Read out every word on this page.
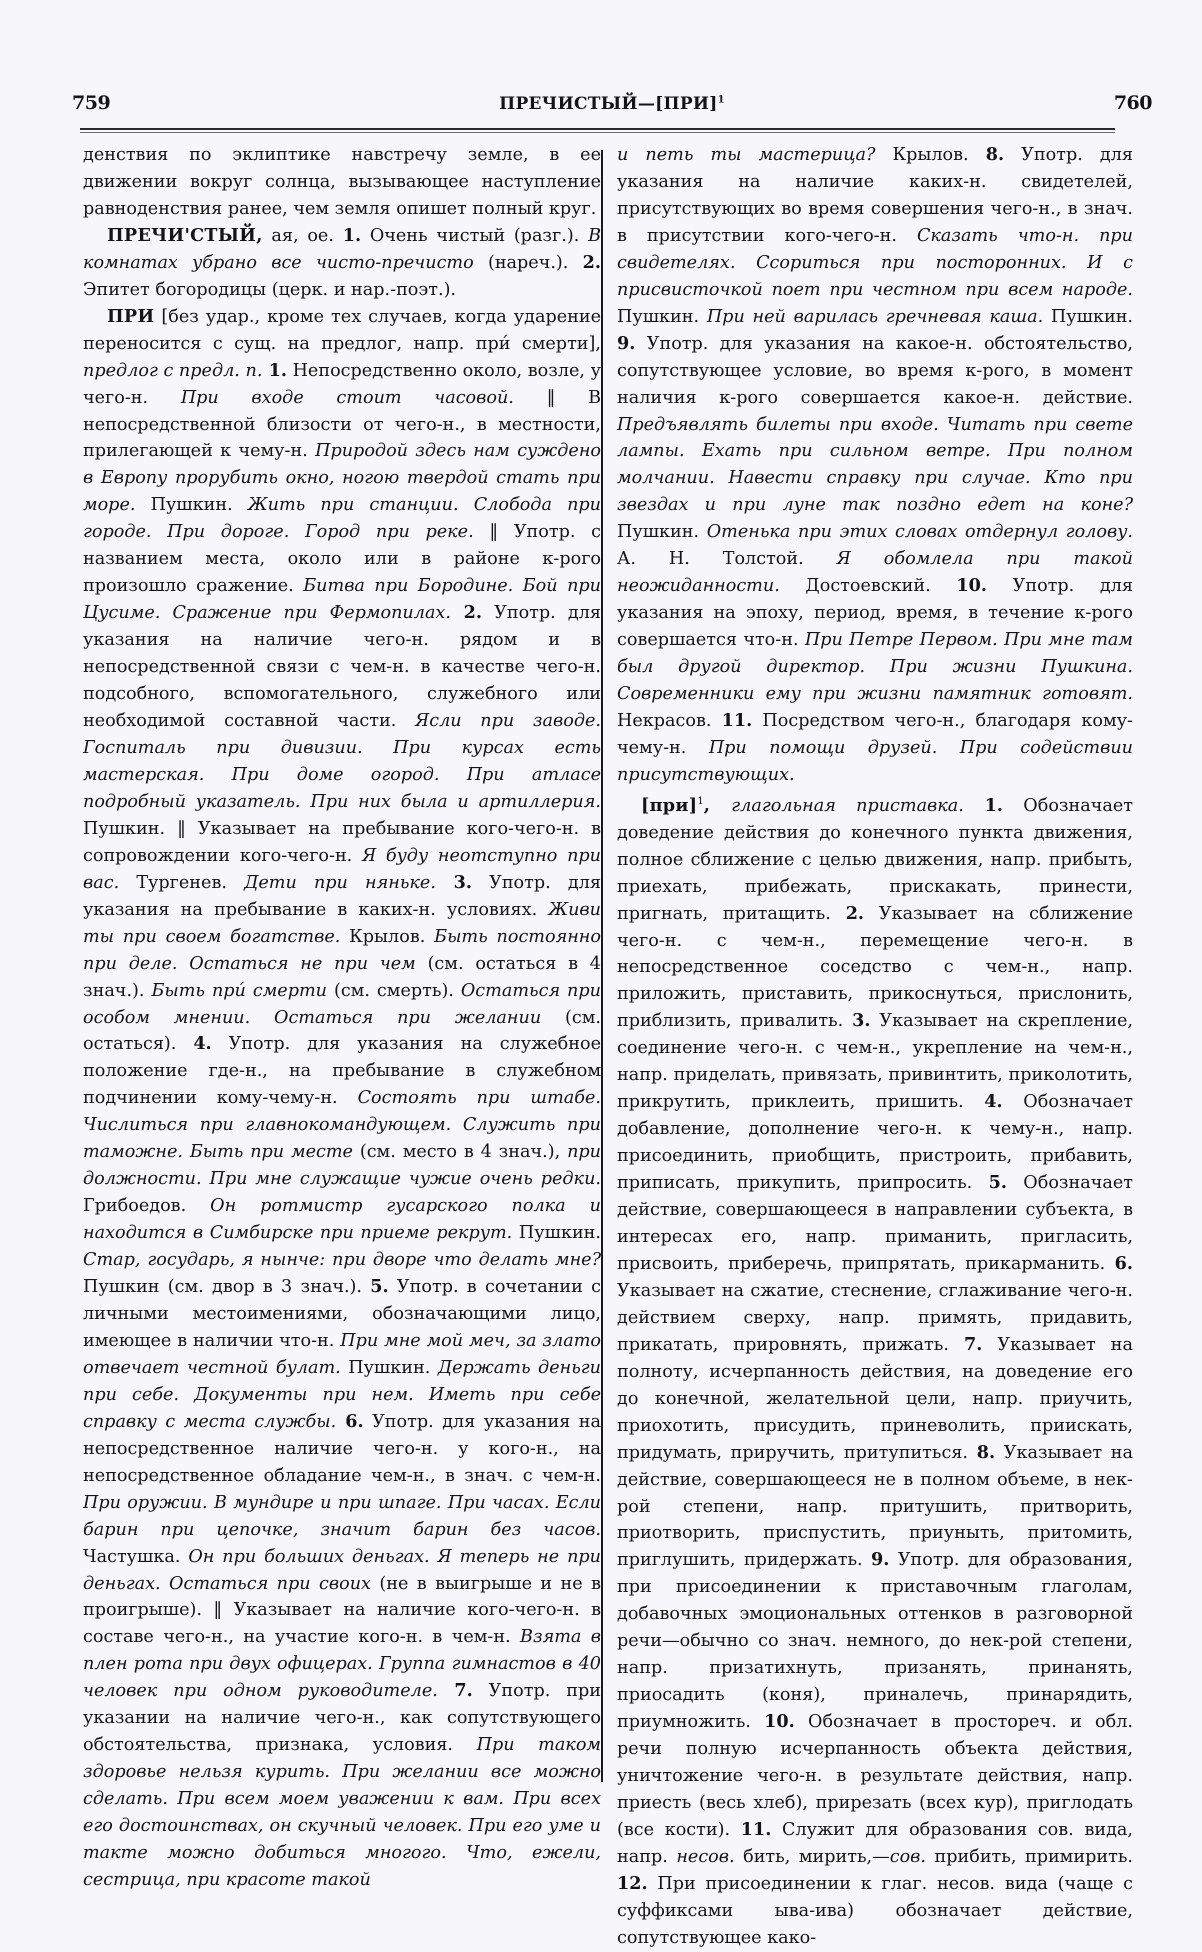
759	ПРЕЧИСТЫЙ—[ПРИ]$^1$	760

денствия по эклиптике навстречу земле, в ее движении вокруг солнца, вызывающее наступление равноденствия ранее, чем земля опишет полный круг.

ПРЕЧИ'СТЫЙ, ая, ое. 1. Очень чистый (разг.). В комнатах убрано все чисто-пречисто (нареч.). 2. Эпитет богородицы (церк. и нар.-поэт.).

ПРИ [без удар., кроме тех случаев, когда ударение переносится с сущ. на предлог, напр. при́ смерти], предлог с предл. п. 1. Непосредственно около, возле, у чего-н. При входе стоит часовой. ‖ В непосредственной близости от чего-н., в местности, прилегающей к чему-н. Природой здесь нам суждено в Европу прорубить окно, ногою твердой стать при море. Пушкин. Жить при станции. Слобода при городе. При дороге. Город при реке. ‖ Употр. с названием места, около или в районе к-рого произошло сражение. Битва при Бородине. Бой при Цусиме. Сражение при Фермопилах. 2. Употр. для указания на наличие чего-н. рядом и в непосредственной связи с чем-н. в качестве чего-н. подсобного, вспомогательного, служебного или необходимой составной части. Ясли при заводе. Госпиталь при дивизии. При курсах есть мастерская. При доме огород. При атласе подробный указатель. При них была и артиллерия. Пушкин. ‖ Указывает на пребывание кого-чего-н. в сопровождении кого-чего-н. Я буду неотступно при вас. Тургенев. Дети при няньке. 3. Употр. для указания на пребывание в каких-н. условиях. Живи ты при своем богатстве. Крылов. Быть постоянно при деле. Остаться не при чем (см. остаться в 4 знач.). Быть при́ смерти (см. смерть). Остаться при особом мнении. Остаться при желании (см. остаться). 4. Употр. для указания на служебное положение где-н., на пребывание в служебном подчинении кому-чему-н. Состоять при штабе. Числиться при главнокомандующем. Служить при таможне. Быть при месте (см. место в 4 знач.), при должности. При мне служащие чужие очень редки. Грибоедов. Он ротмистр гусарского полка и находится в Симбирске при приеме рекрут. Пушкин. Стар, государь, я нынче: при дворе что делать мне? Пушкин (см. двор в 3 знач.). 5. Употр. в сочетании с личными местоимениями, обозначающими лицо, имеющее в наличии что-н. При мне мой меч, за злато отвечает честной булат. Пушкин. Держать деньги при себе. Документы при нем. Иметь при себе справку с места службы. 6. Употр. для указания на непосредственное наличие чего-н. у кого-н., на непосредственное обладание чем-н., в знач. с чем-н. При оружии. В мундире и при шпаге. При часах. Если барин при цепочке, значит барин без часов. Частушка. Он при больших деньгах. Я теперь не при деньгах. Остаться при своих (не в выигрыше и не в проигрыше). ‖ Указывает на наличие кого-чего-н. в составе чего-н., на участие кого-н. в чем-н. Взята в плен рота при двух офицерах. Группа гимнастов в 40 человек при одном руководителе. 7. Употр. при указании на наличие чего-н., как сопутствующего обстоятельства, признака, условия. При таком здоровье нельзя курить. При желании все можно сделать. При всем моем уважении к вам. При всех его достоинствах, он скучный человек. При его уме и такте можно добиться многого. Что, ежели, сестрица, при красоте такой

и петь ты мастерица? Крылов. 8. Употр. для указания на наличие каких-н. свидетелей, присутствующих во время совершения чего-н., в знач. в присутствии кого-чего-н. Сказать что-н. при свидетелях. Ссориться при посторонних. И с присвисточкой поет при честном при всем народе. Пушкин. При ней варилась гречневая каша. Пушкин. 9. Употр. для указания на какое-н. обстоятельство, сопутствующее условие, во время к-рого, в момент наличия к-рого совершается какое-н. действие. Предъявлять билеты при входе. Читать при свете лампы. Ехать при сильном ветре. При полном молчании. Навести справку при случае. Кто при звездах и при луне так поздно едет на коне? Пушкин. Отенька при этих словах отдернул голову. А. Н. Толстой. Я обомлела при такой неожиданности. Достоевский. 10. Употр. для указания на эпоху, период, время, в течение к-рого совершается что-н. При Петре Первом. При мне там был другой директор. При жизни Пушкина. Современники ему при жизни памятник готовят. Некрасов. 11. Посредством чего-н., благодаря кому-чему-н. При помощи друзей. При содействии присутствующих.

[при]$^1$, глагольная приставка. 1. Обозначает доведение действия до конечного пункта движения, полное сближение с целью движения, напр. прибыть, приехать, прибежать, прискакать, принести, пригнать, притащить. 2. Указывает на сближение чего-н. с чем-н., перемещение чего-н. в непосредственное соседство с чем-н., напр. приложить, приставить, прикоснуться, прислонить, приблизить, привалить. 3. Указывает на скрепление, соединение чего-н. с чем-н., укрепление на чем-н., напр. приделать, привязать, привинтить, приколотить, прикрутить, приклеить, пришить. 4. Обозначает добавление, дополнение чего-н. к чему-н., напр. присоединить, приобщить, пристроить, прибавить, приписать, прикупить, припросить. 5. Обозначает действие, совершающееся в направлении субъекта, в интересах его, напр. приманить, пригласить, присвоить, приберечь, припрятать, прикарманить. 6. Указывает на сжатие, стеснение, сглаживание чего-н. действием сверху, напр. примять, придавить, прикатать, прировнять, прижать. 7. Указывает на полноту, исчерпанность действия, на доведение его до конечной, желательной цели, напр. приучить, приохотить, присудить, приневолить, приискать, придумать, приручить, притупиться. 8. Указывает на действие, совершающееся не в полном объеме, в нек-рой степени, напр. притушить, притворить, приотворить, приспустить, приуныть, притомить, приглушить, придержать. 9. Употр. для образования, при присоединении к приставочным глаголам, добавочных эмоциональных оттенков в разговорной речи—обычно со знач. немного, до нек-рой степени, напр. призатихнуть, призанять, принанять, приосадить (коня), приналечь, принарядить, приумножить. 10. Обозначает в простореч. и обл. речи полную исчерпанность объекта действия, уничтожение чего-н. в результате действия, напр. приесть (весь хлеб), прирезать (всех кур), приглодать (все кости). 11. Служит для образования сов. вида, напр. несов. бить, мирить,—сов. прибить, примирить. 12. При присоединении к глаг. несов. вида (чаще с суффиксами ыва-ива) обозначает действие, сопутствующее како-
